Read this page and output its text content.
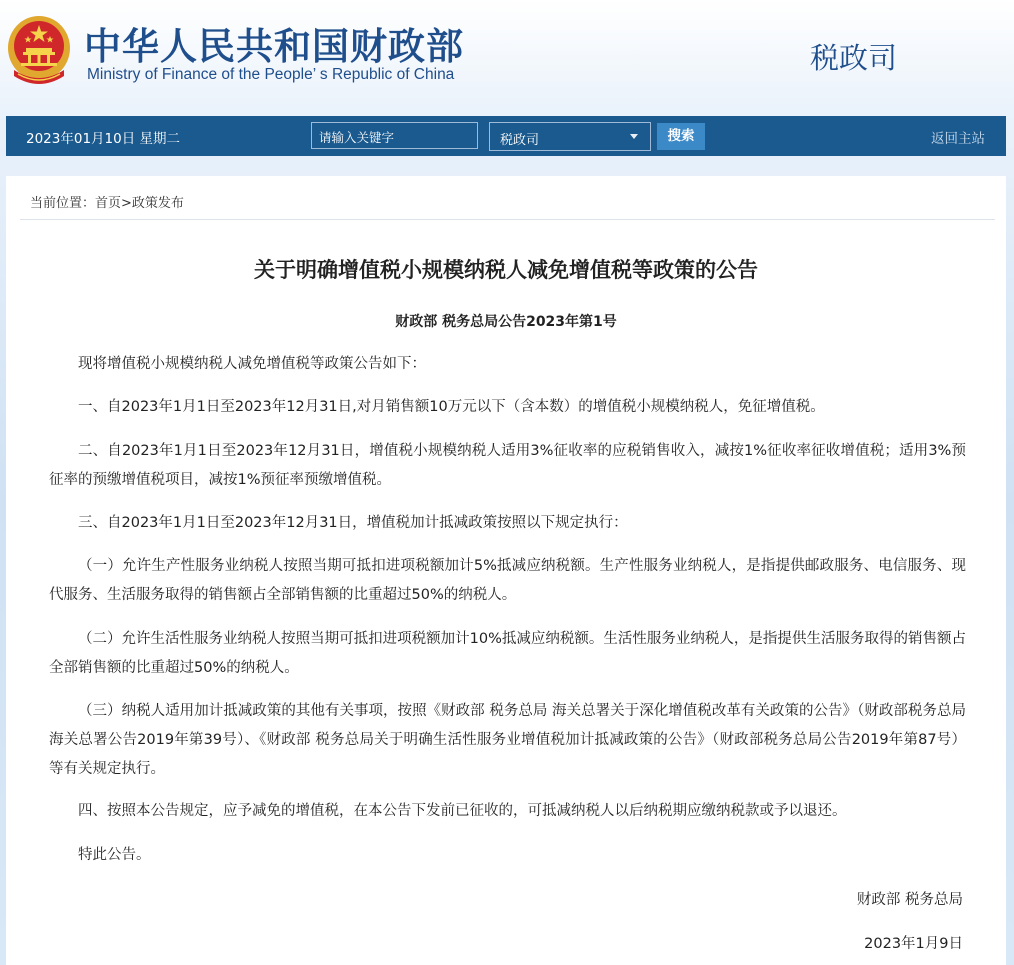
中华人民共和国财政部
Ministry of Finance of the People’ s Republic of China	税政司
2023年01月10日 星期二	请输入关键字	税政司	搜索	返回主站
当前位置：首页>政策发布
关于明确增值税小规模纳税人减免增值税等政策的公告
财政部 税务总局公告2023年第1号
现将增值税小规模纳税人减免增值税等政策公告如下：
一、自2023年1月1日至2023年12月31日,对月销售额10万元以下（含本数）的增值税小规模纳税人，免征增值税。
二、自2023年1月1日至2023年12月31日，增值税小规模纳税人适用3%征收率的应税销售收入，减按1%征收率征收增值税；适用3%预征率的预缴增值税项目，减按1%预征率预缴增值税。
三、自2023年1月1日至2023年12月31日，增值税加计抵减政策按照以下规定执行：
（一）允许生产性服务业纳税人按照当期可抵扣进项税额加计5%抵减应纳税额。生产性服务业纳税人，是指提供邮政服务、电信服务、现代服务、生活服务取得的销售额占全部销售额的比重超过50%的纳税人。
（二）允许生活性服务业纳税人按照当期可抵扣进项税额加计10%抵减应纳税额。生活性服务业纳税人，是指提供生活服务取得的销售额占全部销售额的比重超过50%的纳税人。
（三）纳税人适用加计抵减政策的其他有关事项，按照《财政部 税务总局 海关总署关于深化增值税改革有关政策的公告》（财政部税务总局 海关总署公告2019年第39号）、《财政部 税务总局关于明确生活性服务业增值税加计抵减政策的公告》（财政部税务总局公告2019年第87号）等有关规定执行。
四、按照本公告规定，应予减免的增值税，在本公告下发前已征收的，可抵减纳税人以后纳税期应缴纳税款或予以退还。
特此公告。
财政部 税务总局
2023年1月9日
